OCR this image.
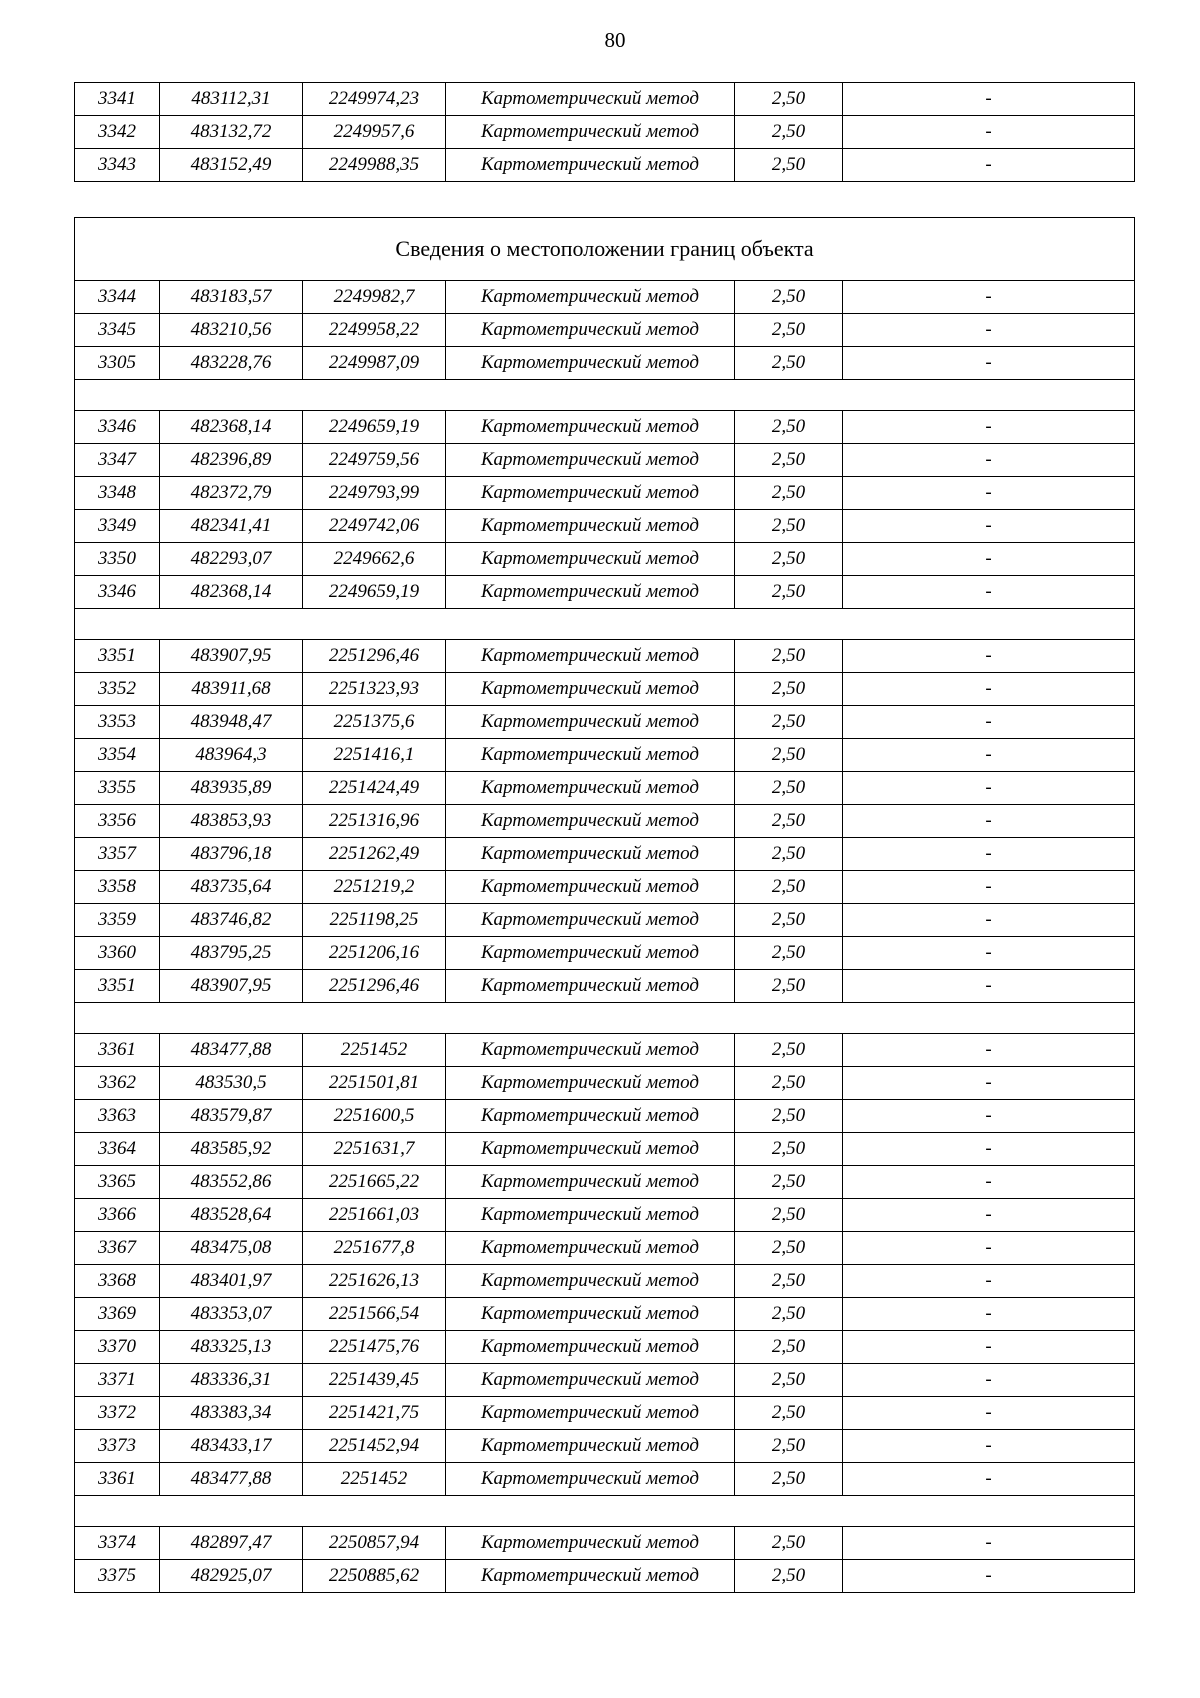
80
3341	483112,31	2249974,23	Картометрический метод	2,50	-
3342	483132,72	2249957,6	Картометрический метод	2,50	-
3343	483152,49	2249988,35	Картометрический метод	2,50	-
Сведения о местоположении границ объекта					
3344	483183,57	2249982,7	Картометрический метод	2,50	-
3345	483210,56	2249958,22	Картометрический метод	2,50	-
3305	483228,76	2249987,09	Картометрический метод	2,50	-

3346	482368,14	2249659,19	Картометрический метод	2,50	-
3347	482396,89	2249759,56	Картометрический метод	2,50	-
3348	482372,79	2249793,99	Картометрический метод	2,50	-
3349	482341,41	2249742,06	Картометрический метод	2,50	-
3350	482293,07	2249662,6	Картометрический метод	2,50	-
3346	482368,14	2249659,19	Картометрический метод	2,50	-

3351	483907,95	2251296,46	Картометрический метод	2,50	-
3352	483911,68	2251323,93	Картометрический метод	2,50	-
3353	483948,47	2251375,6	Картометрический метод	2,50	-
3354	483964,3	2251416,1	Картометрический метод	2,50	-
3355	483935,89	2251424,49	Картометрический метод	2,50	-
3356	483853,93	2251316,96	Картометрический метод	2,50	-
3357	483796,18	2251262,49	Картометрический метод	2,50	-
3358	483735,64	2251219,2	Картометрический метод	2,50	-
3359	483746,82	2251198,25	Картометрический метод	2,50	-
3360	483795,25	2251206,16	Картометрический метод	2,50	-
3351	483907,95	2251296,46	Картометрический метод	2,50	-

3361	483477,88	2251452	Картометрический метод	2,50	-
3362	483530,5	2251501,81	Картометрический метод	2,50	-
3363	483579,87	2251600,5	Картометрический метод	2,50	-
3364	483585,92	2251631,7	Картометрический метод	2,50	-
3365	483552,86	2251665,22	Картометрический метод	2,50	-
3366	483528,64	2251661,03	Картометрический метод	2,50	-
3367	483475,08	2251677,8	Картометрический метод	2,50	-
3368	483401,97	2251626,13	Картометрический метод	2,50	-
3369	483353,07	2251566,54	Картометрический метод	2,50	-
3370	483325,13	2251475,76	Картометрический метод	2,50	-
3371	483336,31	2251439,45	Картометрический метод	2,50	-
3372	483383,34	2251421,75	Картометрический метод	2,50	-
3373	483433,17	2251452,94	Картометрический метод	2,50	-
3361	483477,88	2251452	Картометрический метод	2,50	-

3374	482897,47	2250857,94	Картометрический метод	2,50	-
3375	482925,07	2250885,62	Картометрический метод	2,50	-
